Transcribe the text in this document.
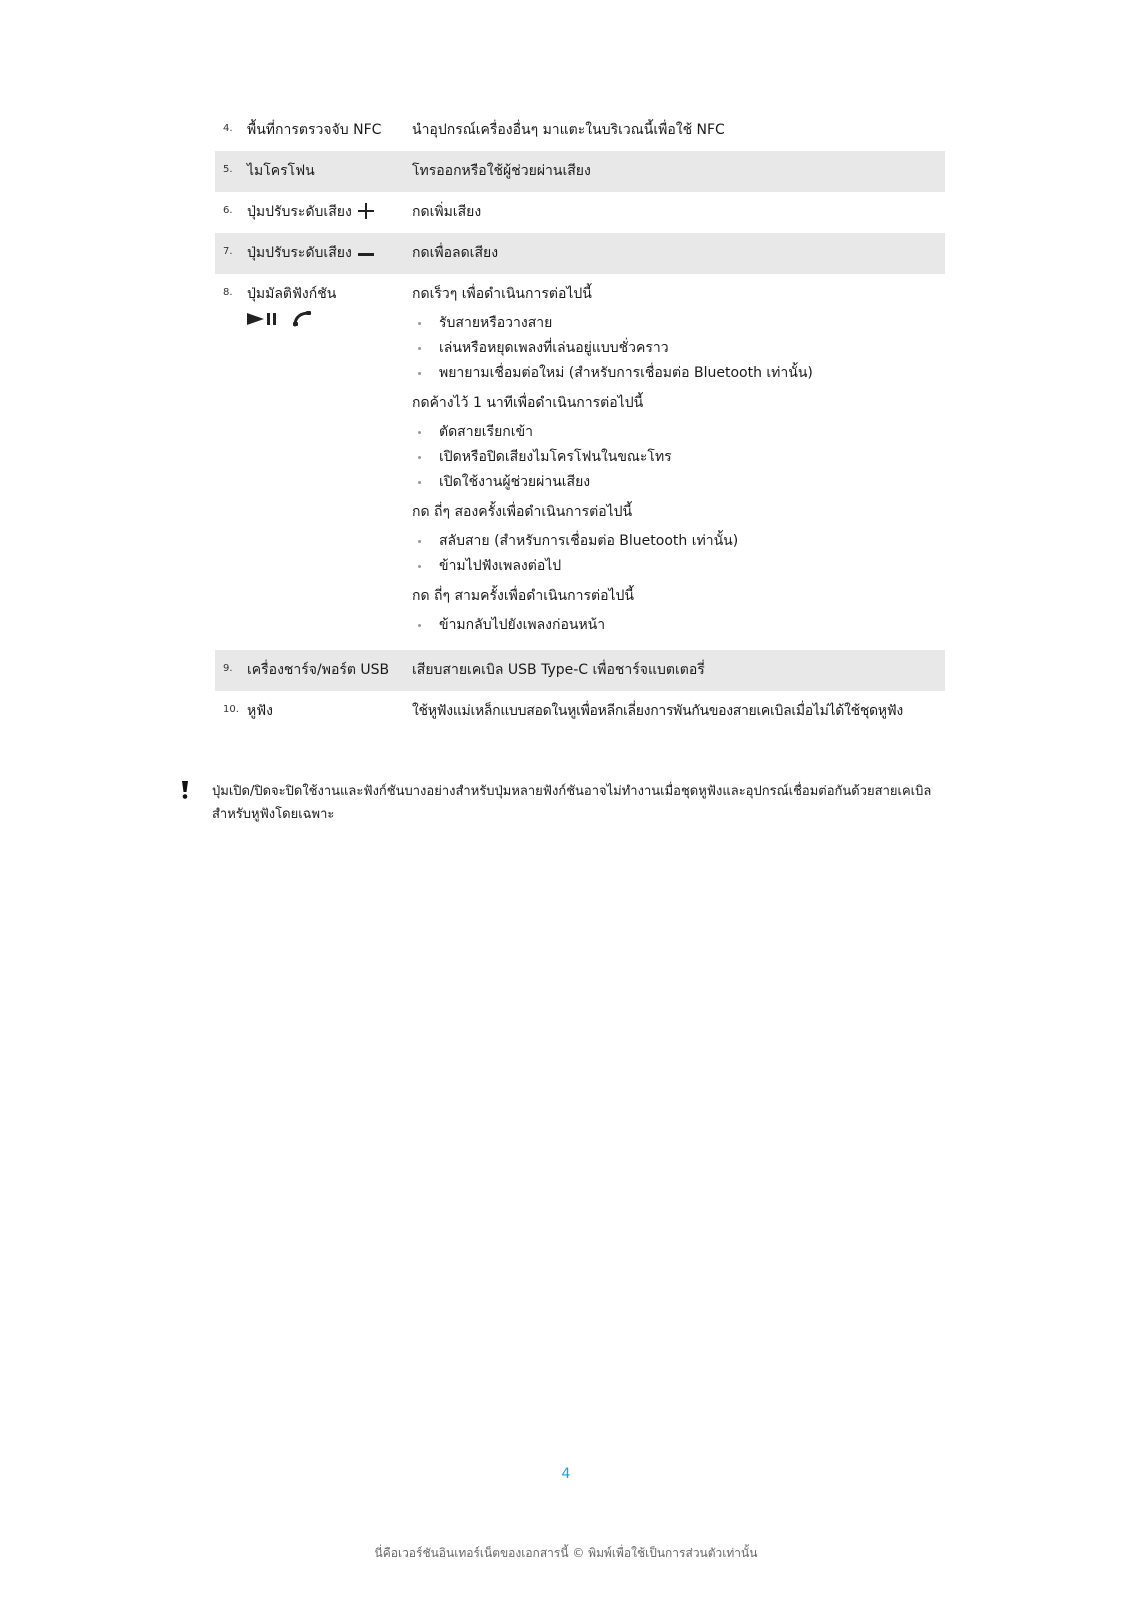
4.	พื้นที่การตรวจจับ NFC	นำอุปกรณ์เครื่องอื่นๆ มาแตะในบริเวณนี้เพื่อใช้ NFC
5.	ไมโครโฟน	โทรออกหรือใช้ผู้ช่วยผ่านเสียง
6.	ปุ่มปรับระดับเสียง	กดเพิ่มเสียง
7.	ปุ่มปรับระดับเสียง	กดเพื่อลดเสียง
8.	ปุ่มมัลติฟังก์ชัน	กดเร็วๆ เพื่อดำเนินการต่อไปนี้
รับสายหรือวางสาย
เล่นหรือหยุดเพลงที่เล่นอยู่แบบชั่วคราว
พยายามเชื่อมต่อใหม่ (สำหรับการเชื่อมต่อ Bluetooth เท่านั้น)
กดค้างไว้ 1 นาทีเพื่อดำเนินการต่อไปนี้
ตัดสายเรียกเข้า
เปิดหรือปิดเสียงไมโครโฟนในขณะโทร
เปิดใช้งานผู้ช่วยผ่านเสียง
กด ถี่ๆ สองครั้งเพื่อดำเนินการต่อไปนี้
สลับสาย (สำหรับการเชื่อมต่อ Bluetooth เท่านั้น)
ข้ามไปฟังเพลงต่อไป
กด ถี่ๆ สามครั้งเพื่อดำเนินการต่อไปนี้
ข้ามกลับไปยังเพลงก่อนหน้า
9.	เครื่องชาร์จ/พอร์ต USB	เสียบสายเคเบิล USB Type-C เพื่อชาร์จแบตเตอรี่
10. หูฟัง	ใช้หูฟังแม่เหล็กแบบสอดในหูเพื่อหลีกเลี่ยงการพันกันของสายเคเบิลเมื่อไม่ได้ใช้ชุดหูฟัง
ปุ่มเปิด/ปิดจะปิดใช้งานและฟังก์ชันบางอย่างสำหรับปุ่มหลายฟังก์ชันอาจไม่ทำงานเมื่อชุดหูฟังและอุปกรณ์เชื่อมต่อกันด้วยสายเคเบิลสำหรับหูฟังโดยเฉพาะ
4
นี่คือเวอร์ชันอินเทอร์เน็ตของเอกสารนี้ © พิมพ์เพื่อใช้เป็นการส่วนตัวเท่านั้น
